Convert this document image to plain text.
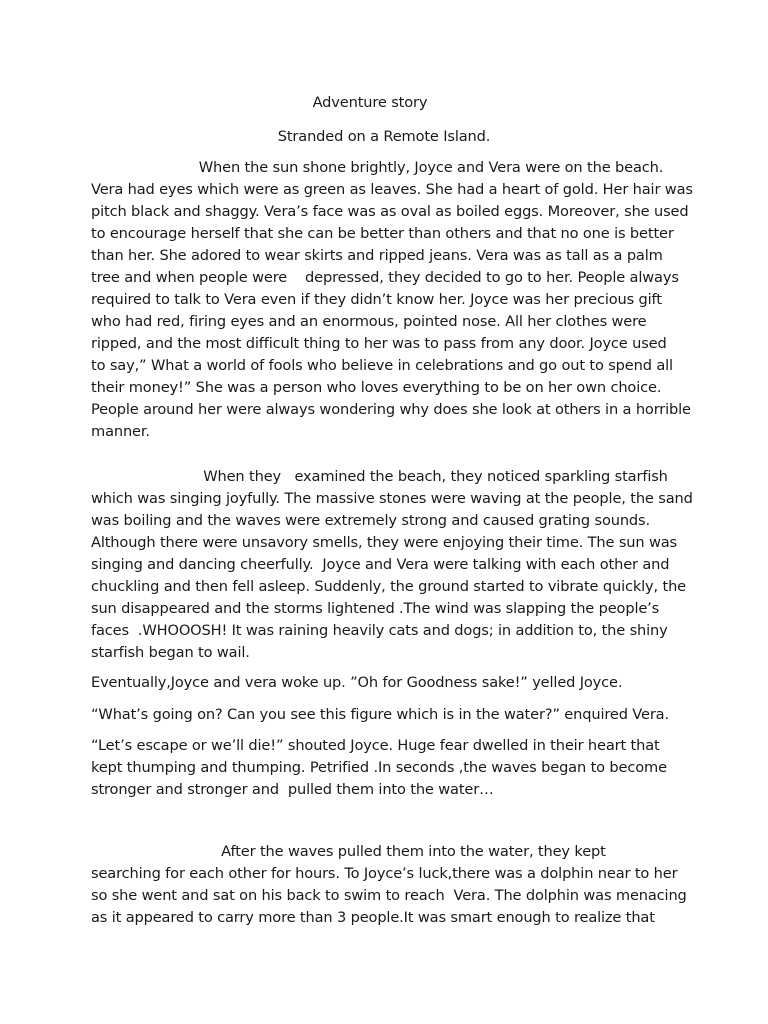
Adventure story
Stranded on a Remote Island.
When the sun shone brightly, Joyce and Vera were on the beach.
Vera had eyes which were as green as leaves. She had a heart of gold. Her hair was
pitch black and shaggy. Vera’s face was as oval as boiled eggs. Moreover, she used
to encourage herself that she can be better than others and that no one is better
than her. She adored to wear skirts and ripped jeans. Vera was as tall as a palm
tree and when people were    depressed, they decided to go to her. People always
required to talk to Vera even if they didn’t know her. Joyce was her precious gift
who had red, firing eyes and an enormous, pointed nose. All her clothes were
ripped, and the most difficult thing to her was to pass from any door. Joyce used
to say,” What a world of fools who believe in celebrations and go out to spend all
their money!” She was a person who loves everything to be on her own choice.
People around her were always wondering why does she look at others in a horrible
manner.
When they   examined the beach, they noticed sparkling starfish
which was singing joyfully. The massive stones were waving at the people, the sand
was boiling and the waves were extremely strong and caused grating sounds.
Although there were unsavory smells, they were enjoying their time. The sun was
singing and dancing cheerfully.  Joyce and Vera were talking with each other and
chuckling and then fell asleep. Suddenly, the ground started to vibrate quickly, the
sun disappeared and the storms lightened .The wind was slapping the people’s
faces  .WHOOOSH! It was raining heavily cats and dogs; in addition to, the shiny
starfish began to wail.
Eventually,Joyce and vera woke up. ”Oh for Goodness sake!” yelled Joyce.
“What’s going on? Can you see this figure which is in the water?” enquired Vera.
“Let’s escape or we’ll die!” shouted Joyce. Huge fear dwelled in their heart that
kept thumping and thumping. Petrified .In seconds ,the waves began to become
stronger and stronger and  pulled them into the water…
After the waves pulled them into the water, they kept
searching for each other for hours. To Joyce’s luck,there was a dolphin near to her
so she went and sat on his back to swim to reach  Vera. The dolphin was menacing
as it appeared to carry more than 3 people.It was smart enough to realize that
